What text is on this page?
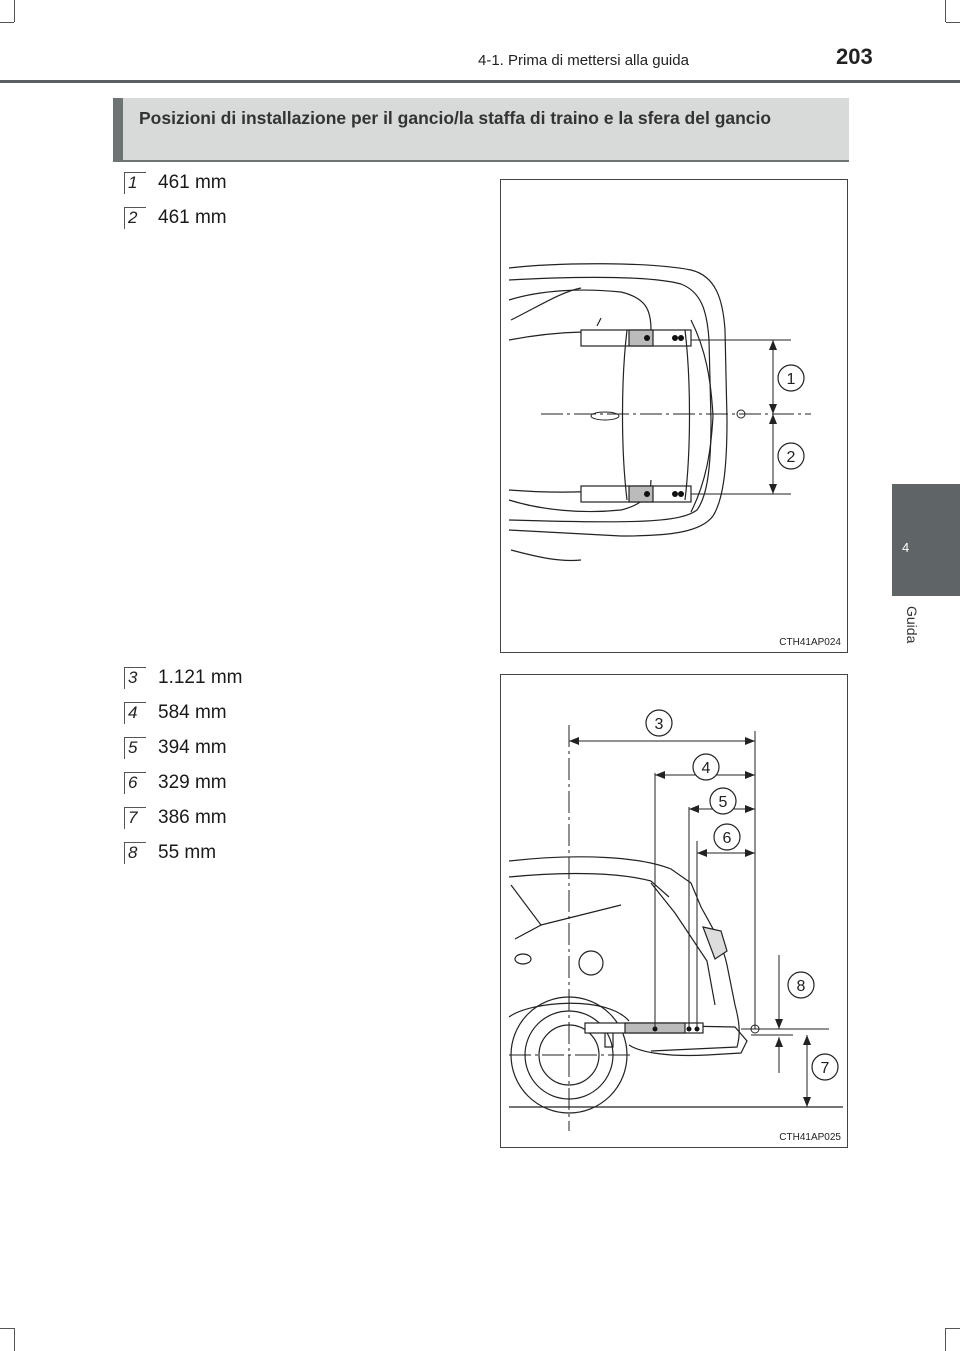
4-1. Prima di mettersi alla guida	203
4
Guida
Posizioni di installazione per il gancio/la staffa di traino e la sfera del gancio
1	461 mm
2	461 mm
1
2
CTH41AP024
3	1.121 mm
4	584 mm
5	394 mm
6	329 mm
7	386 mm
8	55 mm
3
4
5
6
8
7
CTH41AP025
